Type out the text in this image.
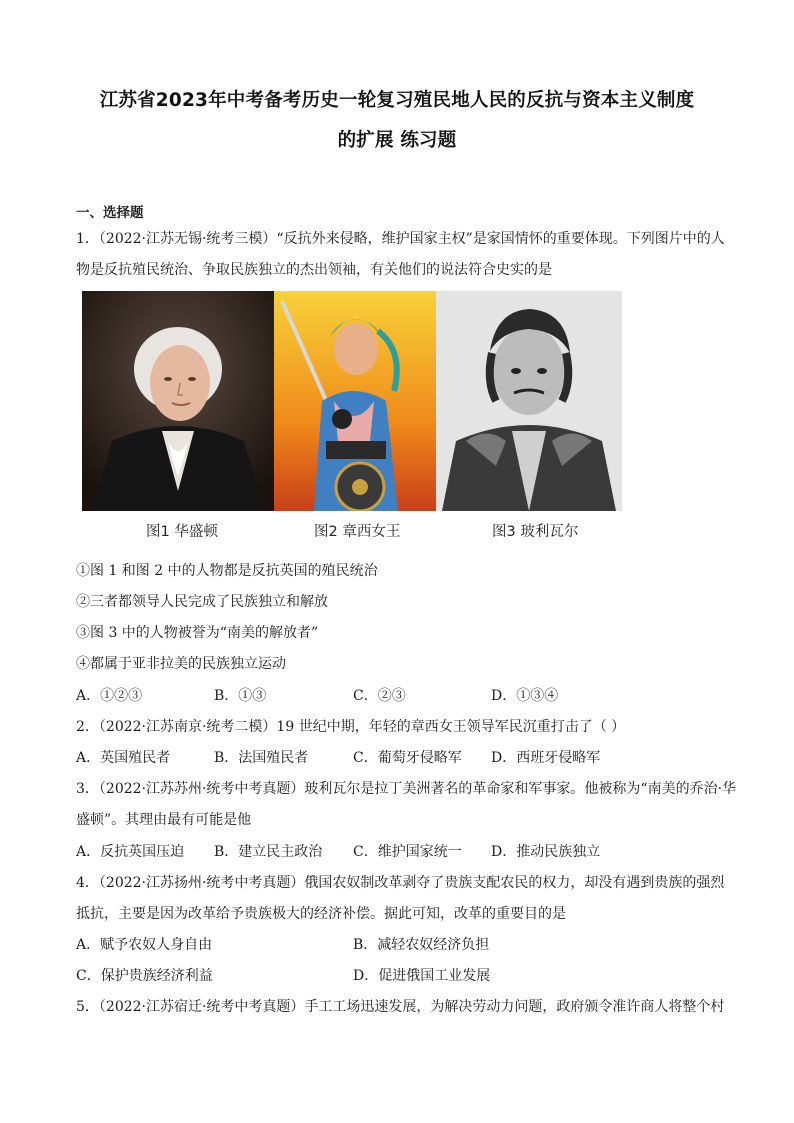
江苏省2023年中考备考历史一轮复习殖民地人民的反抗与资本主义制度
的扩展 练习题
一、选择题
1．（2022·江苏无锡·统考三模）“反抗外来侵略，维护国家主权”是家国情怀的重要体现。下列图片中的人
物是反抗殖民统治、争取民族独立的杰出领袖，有关他们的说法符合史实的是
图1 华盛顿	图2 章西女王	图3 玻利瓦尔
①图 1 和图 2 中的人物都是反抗英国的殖民统治
②三者都领导人民完成了民族独立和解放
③图 3 中的人物被誉为“南美的解放者”
④都属于亚非拉美的民族独立运动
A．①②③	B．①③	C．②③	D．①③④
2．（2022·江苏南京·统考二模）19 世纪中期，年轻的章西女王领导军民沉重打击了（ ）
A．英国殖民者	B．法国殖民者	C．葡萄牙侵略军 D．西班牙侵略军
3．（2022·江苏苏州·统考中考真题）玻利瓦尔是拉丁美洲著名的革命家和军事家。他被称为“南美的乔治·华
盛顿”。其理由最有可能是他
A．反抗英国压迫 B．建立民主政治 C．维护国家统一 D．推动民族独立
4．（2022·江苏扬州·统考中考真题）俄国农奴制改革剥夺了贵族支配农民的权力，却没有遇到贵族的强烈
抵抗，主要是因为改革给予贵族极大的经济补偿。据此可知，改革的重要目的是
A．赋予农奴人身自由	B．减轻农奴经济负担
C．保护贵族经济利益	D．促进俄国工业发展
5．（2022·江苏宿迁·统考中考真题）手工工场迅速发展，为解决劳动力问题，政府颁令准许商人将整个村
